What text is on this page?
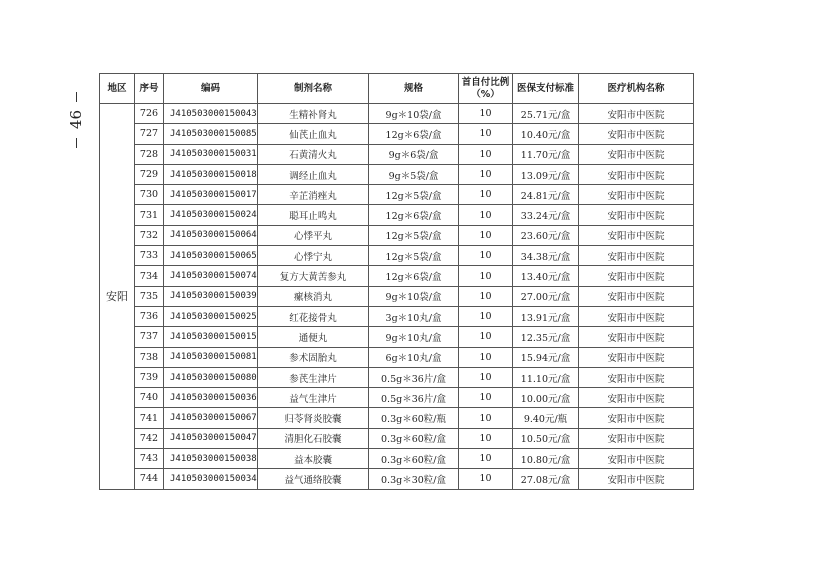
46
地区	序号	编码	制剂名称	规格	首自付比例（%）	医保支付标准	医疗机构名称
安阳	726	J410503000150043	生精补肾丸	9g＊10袋/盒	10	25.71元/盒	安阳市中医院
	727	J410503000150085	仙芪止血丸	12g＊6袋/盒	10	10.40元/盒	安阳市中医院
	728	J410503000150031	石黄清火丸	9g＊6袋/盒	10	11.70元/盒	安阳市中医院
	729	J410503000150018	调经止血丸	9g＊5袋/盒	10	13.09元/盒	安阳市中医院
	730	J410503000150017	辛芷消痤丸	12g＊5袋/盒	10	24.81元/盒	安阳市中医院
	731	J410503000150024	聪耳止鸣丸	12g＊6袋/盒	10	33.24元/盒	安阳市中医院
	732	J410503000150064	心悸平丸	12g＊5袋/盒	10	23.60元/盒	安阳市中医院
	733	J410503000150065	心悸宁丸	12g＊5袋/盒	10	34.38元/盒	安阳市中医院
	734	J410503000150074	复方大黄苦参丸	12g＊6袋/盒	10	13.40元/盒	安阳市中医院
	735	J410503000150039	瘰核消丸	9g＊10袋/盒	10	27.00元/盒	安阳市中医院
	736	J410503000150025	红花接骨丸	3g＊10丸/盒	10	13.91元/盒	安阳市中医院
	737	J410503000150015	通便丸	9g＊10丸/盒	10	12.35元/盒	安阳市中医院
	738	J410503000150081	参术固胎丸	6g＊10丸/盒	10	15.94元/盒	安阳市中医院
	739	J410503000150080	参芪生津片	0.5g＊36片/盒	10	11.10元/盒	安阳市中医院
	740	J410503000150036	益气生津片	0.5g＊36片/盒	10	10.00元/盒	安阳市中医院
	741	J410503000150067	归苓肾炎胶囊	0.3g＊60粒/瓶	10	9.40元/瓶	安阳市中医院
	742	J410503000150047	清胆化石胶囊	0.3g＊60粒/盒	10	10.50元/盒	安阳市中医院
	743	J410503000150038	益本胶囊	0.3g＊60粒/盒	10	10.80元/盒	安阳市中医院
	744	J410503000150034	益气通络胶囊	0.3g＊30粒/盒	10	27.08元/盒	安阳市中医院
